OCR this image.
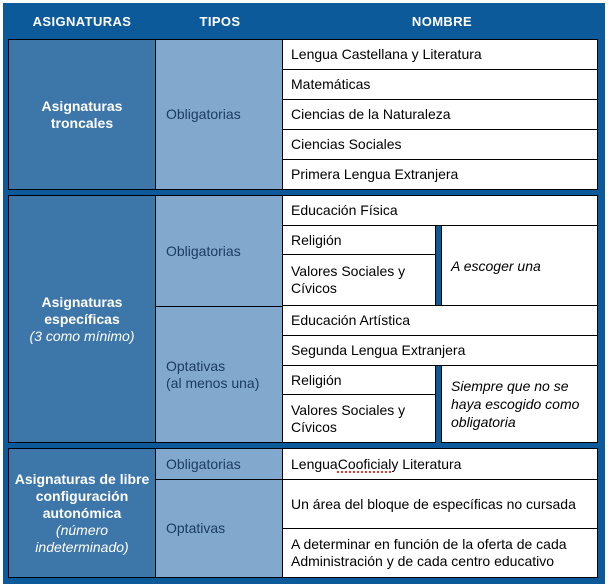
ASIGNATURAS	TIPOS	NOMBRE
Asignaturas troncales
Obligatorias
Lengua Castellana y Literatura
Matemáticas
Ciencias de la Naturaleza
Ciencias Sociales
Primera Lengua Extranjera
Asignaturas específicas
(3 como mínimo)
Obligatorias
Optativas
(al menos una)
Educación Física
Religión
Valores Sociales y Cívicos
A escoger una
Educación Artística
Segunda Lengua Extranjera
Religión
Valores Sociales y Cívicos
Siempre que no se haya escogido como obligatoria
Asignaturas de libre configuración autonómica
(número indeterminado)
Obligatorias
Optativas
Lengua Cooficial y Literatura
Un área del bloque de específicas no cursada
A determinar en función de la oferta de cada Administración y de cada centro educativo
